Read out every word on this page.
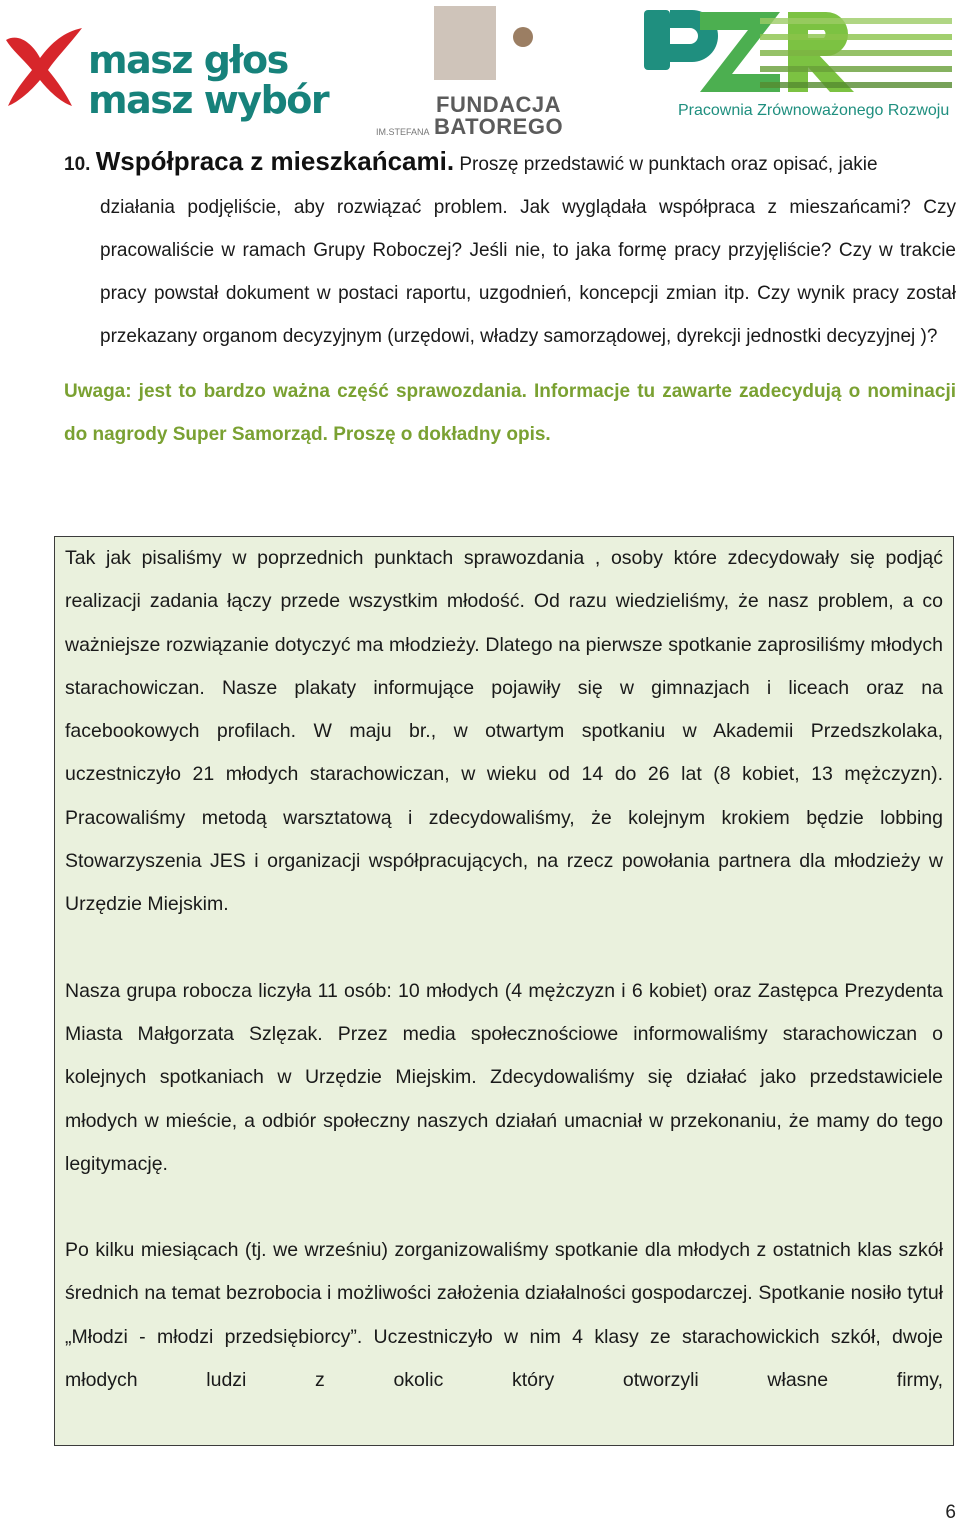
masz głos
masz wybór
IM.STEFANA
FUNDACJA
BATOREGO
Pracownia Zrównoważonego Rozwoju
10. Współpraca z mieszkańcami. Proszę przedstawić w punktach oraz opisać, jakie
działania podjęliście, aby rozwiązać problem. Jak wyglądała współpraca z mieszańcami? Czy pracowaliście w ramach Grupy Roboczej? Jeśli nie, to jaka formę pracy przyjęliście? Czy w trakcie pracy powstał dokument w postaci raportu, uzgodnień, koncepcji zmian itp. Czy wynik pracy został przekazany organom decyzyjnym (urzędowi, władzy samorządowej, dyrekcji jednostki decyzyjnej )?
Uwaga: jest to bardzo ważna część sprawozdania. Informacje tu zawarte zadecydują o nominacji do nagrody Super Samorząd. Proszę o dokładny opis.
Tak jak pisaliśmy w poprzednich punktach sprawozdania , osoby które zdecydowały się podjąć realizacji zadania łączy przede wszystkim młodość. Od razu wiedzieliśmy, że nasz problem, a co ważniejsze rozwiązanie dotyczyć ma młodzieży. Dlatego na pierwsze spotkanie zaprosiliśmy młodych starachowiczan. Nasze plakaty informujące pojawiły się w gimnazjach i liceach oraz na facebookowych profilach. W maju br., w otwartym spotkaniu w Akademii Przedszkolaka, uczestniczyło 21 młodych starachowiczan, w wieku od 14 do 26 lat (8 kobiet, 13 mężczyzn). Pracowaliśmy metodą warsztatową i zdecydowaliśmy, że kolejnym krokiem będzie lobbing Stowarzyszenia JES i organizacji współpracujących, na rzecz powołania partnera dla młodzieży w Urzędzie Miejskim.
Nasza grupa robocza liczyła 11 osób: 10 młodych (4 mężczyzn i 6 kobiet) oraz Zastępca Prezydenta Miasta Małgorzata Szlęzak. Przez media społecznościowe informowaliśmy starachowiczan o kolejnych spotkaniach w Urzędzie Miejskim. Zdecydowaliśmy się działać jako przedstawiciele młodych w mieście, a odbiór społeczny naszych działań umacniał w przekonaniu, że mamy do tego legitymację.
Po kilku miesiącach (tj. we wrześniu) zorganizowaliśmy spotkanie dla młodych z ostatnich klas szkół średnich na temat bezrobocia i możliwości założenia działalności gospodarczej. Spotkanie nosiło tytuł „Młodzi - młodzi przedsiębiorcy”. Uczestniczyło w nim 4 klasy ze starachowickich szkół, dwoje młodych ludzi z okolic który otworzyli własne firmy,
6
